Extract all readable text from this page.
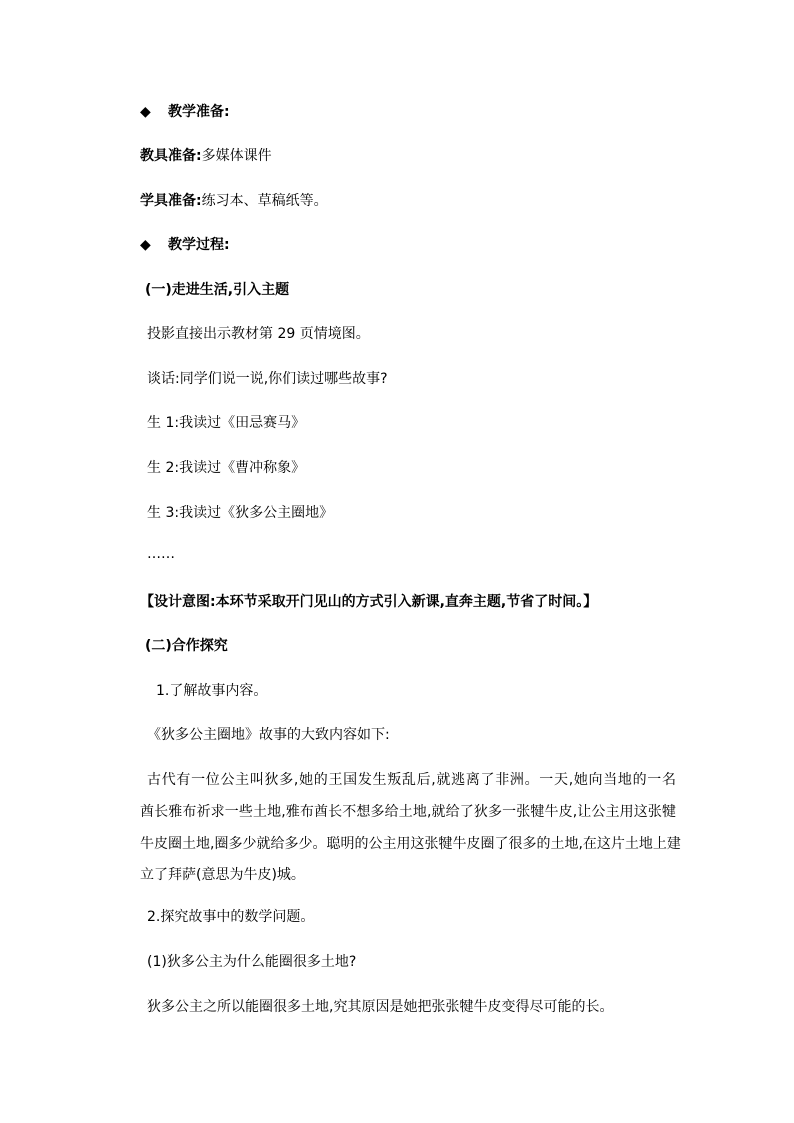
◆ 教学准备:
教具准备:多媒体课件
学具准备:练习本、草稿纸等。
◆ 教学过程:
(一)走进生活,引入主题
投影直接出示教材第 29 页情境图。
谈话:同学们说一说,你们读过哪些故事?
生 1:我读过《田忌赛马》
生 2:我读过《曹冲称象》
生 3:我读过《狄多公主圈地》
……
【设计意图:本环节采取开门见山的方式引入新课,直奔主题,节省了时间。】
(二)合作探究
1.了解故事内容。
《狄多公主圈地》故事的大致内容如下:
古代有一位公主叫狄多,她的王国发生叛乱后,就逃离了非洲。一天,她向当地的一名
酋长雅布祈求一些土地,雅布酋长不想多给土地,就给了狄多一张犍牛皮,让公主用这张犍
牛皮圈土地,圈多少就给多少。聪明的公主用这张犍牛皮圈了很多的土地,在这片土地上建
立了拜萨(意思为牛皮)城。
2.探究故事中的数学问题。
(1)狄多公主为什么能圈很多土地?
狄多公主之所以能圈很多土地,究其原因是她把张张犍牛皮变得尽可能的长。
